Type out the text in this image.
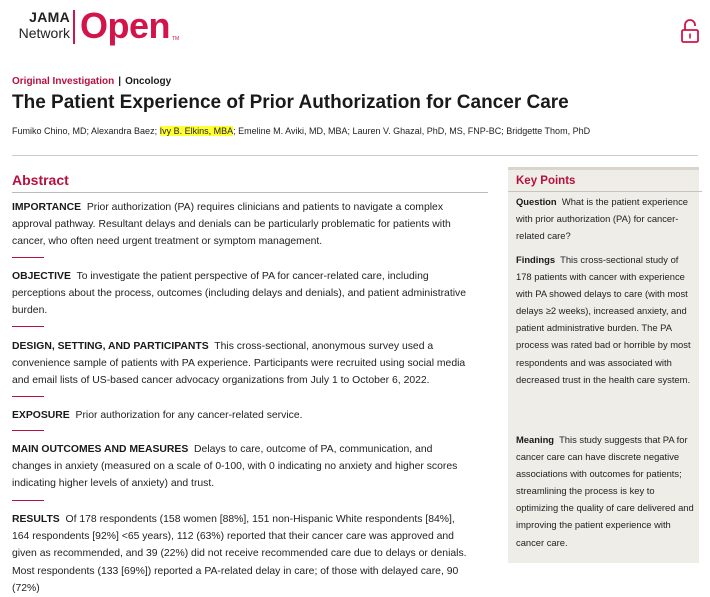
JAMA
Network Open TM
Original Investigation | Oncology
The Patient Experience of Prior Authorization for Cancer Care
Fumiko Chino, MD; Alexandra Baez; Ivy B. Elkins, MBA; Emeline M. Aviki, MD, MBA; Lauren V. Ghazal, PhD, MS, FNP-BC; Bridgette Thom, PhD
Abstract
IMPORTANCE Prior authorization (PA) requires clinicians and patients to navigate a complex approval pathway. Resultant delays and denials can be particularly problematic for patients with cancer, who often need urgent treatment or symptom management.
OBJECTIVE To investigate the patient perspective of PA for cancer-related care, including perceptions about the process, outcomes (including delays and denials), and patient administrative burden.
DESIGN, SETTING, AND PARTICIPANTS This cross-sectional, anonymous survey used a convenience sample of patients with PA experience. Participants were recruited using social media and email lists of US-based cancer advocacy organizations from July 1 to October 6, 2022.
EXPOSURE Prior authorization for any cancer-related service.
MAIN OUTCOMES AND MEASURES Delays to care, outcome of PA, communication, and changes in anxiety (measured on a scale of 0-100, with 0 indicating no anxiety and higher scores indicating higher levels of anxiety) and trust.
RESULTS Of 178 respondents (158 women [88%], 151 non-Hispanic White respondents [84%], 164 respondents [92%] <65 years), 112 (63%) reported that their cancer care was approved and given as recommended, and 39 (22%) did not receive recommended care due to delays or denials. Most respondents (133 [69%]) reported a PA-related delay in care; of those with delayed care, 90 (72%)
Key Points
Question What is the patient experience with prior authorization (PA) for cancer-related care?
Findings This cross-sectional study of 178 patients with cancer with experience with PA showed delays to care (with most delays ≥2 weeks), increased anxiety, and patient administrative burden. The PA process was rated bad or horrible by most respondents and was associated with decreased trust in the health care system.
Meaning This study suggests that PA for cancer care can have discrete negative associations with outcomes for patients; streamlining the process is key to optimizing the quality of care delivered and improving the patient experience with cancer care.
